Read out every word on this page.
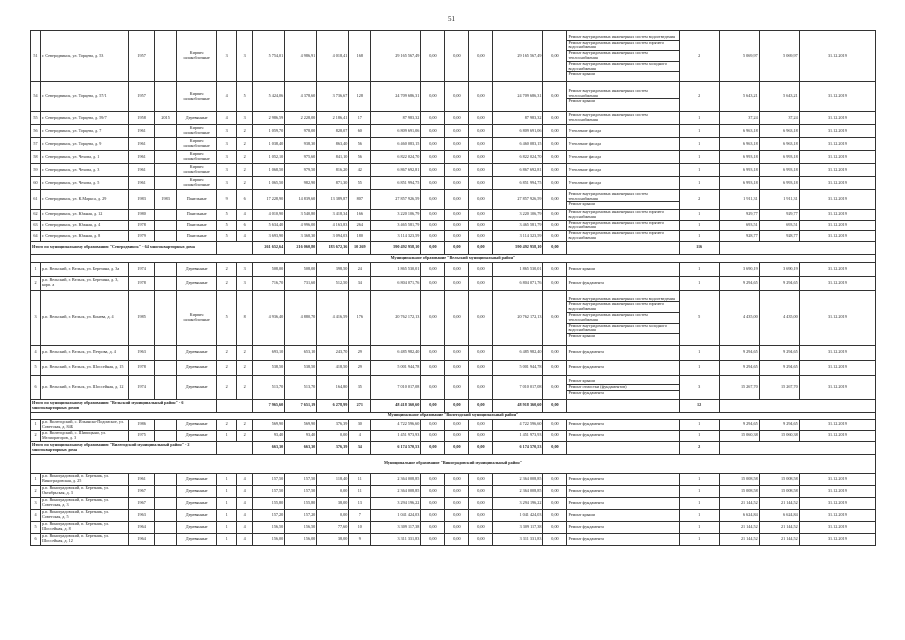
51
51	г. Северодвинск, ул. Торцева, д. 53	1957		Кирпич шлакоблочные	3	3	5 754,01	4 986,91	4 018,41	168	29 165 567,49	0,00	0,00	0,00	29 165 567,49	0,00	Ремонт внутридомовых инженерных систем водоотведения
Ремонт внутридомовых инженерных систем горячего водоснабжения
Ремонт внутридомовых инженерных систем теплоснабжения
Ремонт внутридомовых инженерных систем холодного водоснабжения
Ремонт крыши	2	5 069,97	5 069,97	31.12.2019
54	г. Северодвинск, ул. Торцева, д. 57/1	1957		Кирпич шлакоблочные	4	5	5 424,06	4 378,60	3 736,67	128	24 709 686,31	0,00	0,00	0,00	24 709 686,31	0,00	Ремонт внутридомовых инженерных систем теплоснабжения
Ремонт крыши	2	5 643,21	5 643,21	31.12.2019
55	г. Северодвинск, ул. Торцева, д. 59/7	1958	2015	Деревянные	4	3	2 986,59	2 228,00	2 186,41	17	87 983,32	0,00	0,00	0,00	87 983,32	0,00	Ремонт внутридомовых инженерных систем теплоснабжения	1	37,24	37,24	31.12.2019
56	г. Северодвинск, ул. Торцева, д. 7	1961		Кирпич шлакоблочные	3	2	1 059,70	978,00	828,07	60	6 809 691,06	0,00	0,00	0,00	6 809 691,06	0,00	Утепление фасада	1	6 963,18	6 963,18	31.12.2019
57	г. Северодвинск, ул. Торцева, д. 9	1961		Кирпич шлакоблочные	3	2	1 038,40	938,30	863,40	56	6 460 083,15	0,00	0,00	0,00	6 460 083,15	0,00	Утепление фасада	1	6 963,18	6 963,18	31.12.2019
58	г. Северодвинск, ул. Чехова, д. 1	1961		Кирпич шлакоблочные	3	2	1 052,10	975,60	841,10	56	6 822 024,70	0,00	0,00	0,00	6 822 024,70	0,00	Утепление фасада	1	6 993,18	6 993,18	31.12.2019
59	г. Северодвинск, ул. Чехова, д. 3	1961		Кирпич шлакоблочные	3	2	1 068,50	979,50	816,20	42	6 867 692,81	0,00	0,00	0,00	6 867 692,81	0,00	Утепление фасада	1	6 993,18	6 993,18	31.12.2019
60	г. Северодвинск, ул. Чехова, д. 5	1961		Кирпич шлакоблочные	3	2	1 065,50	982,90	871,30	55	6 851 994,75	0,00	0,00	0,00	6 851 994,75	0,00	Утепление фасада	1	6 993,18	6 993,18	31.12.2019
61	г. Северодвинск, ул. К.Маркса, д. 29	1983	1983	Панельные	9	6	17 228,90	14 839,60	13 389,87	807	27 857 926,59	0,00	0,00	0,00	27 857 926,59	0,00	Ремонт внутридомовых инженерных систем теплоснабжения
Ремонт крыши	2	1 911,31	1 911,31	31.12.2019
62	г. Северодвинск, ул. Южная, д. 12	1980		Панельные	5	4	4 010,90	3 540,80	3 418,34	166	3 220 106,79	0,00	0,00	0,00	3 220 106,79	0,00	Ремонт внутридомовых инженерных систем горячего водоснабжения	1	929,77	929,77	31.12.2019
63	г. Северодвинск, ул. Южная, д. 4	1978		Панельные	5	6	5 634,40	4 996,00	4 163,83	264	3 465 581,79	0,00	0,00	0,00	3 465 581,79	0,00	Ремонт внутридомовых инженерных систем горячего водоснабжения	1	693,51	693,51	31.12.2019
64	г. Северодвинск, ул. Южная, д. 8	1979		Панельные	5	4	3 693,90	3 368,30	3 094,03	180	3 114 323,59	0,00	0,00	0,00	3 114 323,59	0,00	Ремонт внутридомовых инженерных систем горячего водоснабжения	1	928,77	928,77	31.12.2019
Итого по муниципальному образованию "Северодвинск" - 64 многоквартирных дома							261 652,64	216 060,80	183 672,36	10 269	590 492 958,10	0,00	0,00	0,00	590 492 958,10	0,00		116			
Муниципальное образование "Вельский муниципальный район"																					
1	р.п. Вельский, г. Вельск, ул. Березина, д. 3а	1974		Деревянные	2	3	508,00	508,00	398,50	24	1 865 530,01	0,00	0,00	0,00	1 865 530,01	0,00	Ремонт крыши	1	3 690,19	3 690,19	31.12.2019
2	р.п. Вельский, г. Вельск, ул. Березина, д. 3, корп. а	1978		Деревянные	2	3	716,70	731,60	512,50	34	6 804 071,76	0,00	0,00	0,00	6 804 071,76	0,00	Ремонт фундамента	1	9 294,65	9 294,65	31.12.2019
3	р.п. Вельский, г. Вельск, ул. Конева, д. 4	1985		Кирпич шлакоблочные	5	8	4 936,40	4 880,70	4 416,59	176	20 762 172,13	0,00	0,00	0,00	20 762 172,13	0,00	Ремонт внутридомовых инженерных систем водоотведения
Ремонт внутридомовых инженерных систем горячего водоснабжения
Ремонт внутридомовых инженерных систем теплоснабжения
Ремонт внутридомовых инженерных систем холодного водоснабжения
Ремонт крыши	5	4 435,00	4 435,00	31.12.2019
4	р.п. Вельский, г. Вельск, ул. Петрова, д. 4	1963		Деревянные	2	2	693,10	653,10	243,70	29	6 485 982,40	0,00	0,00	0,00	6 485 982,40	0,00	Ремонт фундамента	1	9 294,65	9 294,65	31.12.2019
5	р.п. Вельский, г. Вельск, ул. Шоссейная, д. 15	1978		Деревянные	2	2	538,50	538,50	418,50	29	5 001 944,78	0,00	0,00	0,00	5 001 944,78	0,00	Ремонт фундамента	1	9 294,65	9 294,65	31.12.2019
6	р.п. Вельский, г. Вельск, ул. Шоссейная, д. 12	1974		Деревянные	2	2	513,70	513,70	164,80	35	7 010 017,08	0,00	0,00	0,00	7 010 017,08	0,00	Ремонт крыши
Ремонт отмостки (фундаментов)
Ремонт фундамента	3	15 267,70	15 267,70	31.12.2019
Итого по муниципальному образованию "Вельский муниципальный район" - 6 многоквартирных домов							7 965,60	7 651,19	6 278,99	271	48 418 360,60	0,00	0,00	0,00	48 918 360,60	0,00		12			
Муниципальное образование "Вилегодский муниципальный район"																					
1	р.п. Вилегодский, с. Ильинско-Подомское, ул. Советская, д. 84Б	1986		Деревянные	2	2	569,90	569,90	376,39	30	4 722 596,60	0,00	0,00	0,00	4 722 596,60	0,00	Ремонт фундамента	1	9 294,65	9 294,65	31.12.2019
2	р.п. Вилегодский, с. Шипицыно, ул. Мелиораторов, д. 3	1975		Деревянные	1	2	93,40	93,40	0,00	4	1 451 973,93	0,00	0,00	0,00	1 451 973,93	0,00	Ремонт фундамента	1	15 060,38	15 060,38	31.12.2019
Итого по муниципальному образованию "Вилегодский муниципальный район" - 2 многоквартирных дома							663,30	663,30	376,39	34	6 174 570,53	0,00	0,00	0,00	6 174 570,53	0,00		2			
Муниципальное образование "Виноградовский муниципальный район"																					
1	р.п. Виноградовский, п. Березник, ул. Виноградовская, д. 25	1961		Деревянные	1	4	157,50	157,50	118,40	11	2 364 008,85	0,00	0,00	0,00	2 364 008,85	0,00	Ремонт фундамента	1	15 008,58	15 008,58	31.12.2019
2	р.п. Виноградовский, п. Березник, ул. Октябрьская, д. 3	1967		Деревянные	1	4	157,50	157,50	0,00	11	2 364 008,85	0,00	0,00	0,00	2 364 008,85	0,00	Ремонт фундамента	1	15 008,58	15 008,58	31.12.2019
3	р.п. Виноградовский, п. Березник, ул. Советская, д. 3	1967		Деревянные	1	4	155,80	155,80	38,00	13	3 294 196,22	0,00	0,00	0,00	3 294 196,22	0,00	Ремонт фундамента	1	21 144,52	21 144,52	31.12.2019
4	р.п. Виноградовский, п. Березник, ул. Советская, д. 5	1963		Деревянные	1	4	157,20	157,20	0,00	7	1 041 424,03	0,00	0,00	0,00	1 041 424,03	0,00	Ремонт крыши	1	6 624,84	6 624,84	31.12.2019
5	р.п. Виноградовский, п. Березник, ул. Шоссейная, д. 8	1964		Деревянные	1	4	156,50	156,50	77,60	10	3 309 117,38	0,00	0,00	0,00	3 309 117,38	0,00	Ремонт фундамента	1	21 144,52	21 144,52	31.12.2019
6	р.п. Виноградовский, п. Березник, ул. Шоссейная, д. 12	1964		Деревянные	1	4	156,00	156,00	38,00	9	3 311 331,83	0,00	0,00	0,00	3 311 331,83	0,00	Ремонт фундамента	1	21 144,52	21 144,52	31.12.2019
